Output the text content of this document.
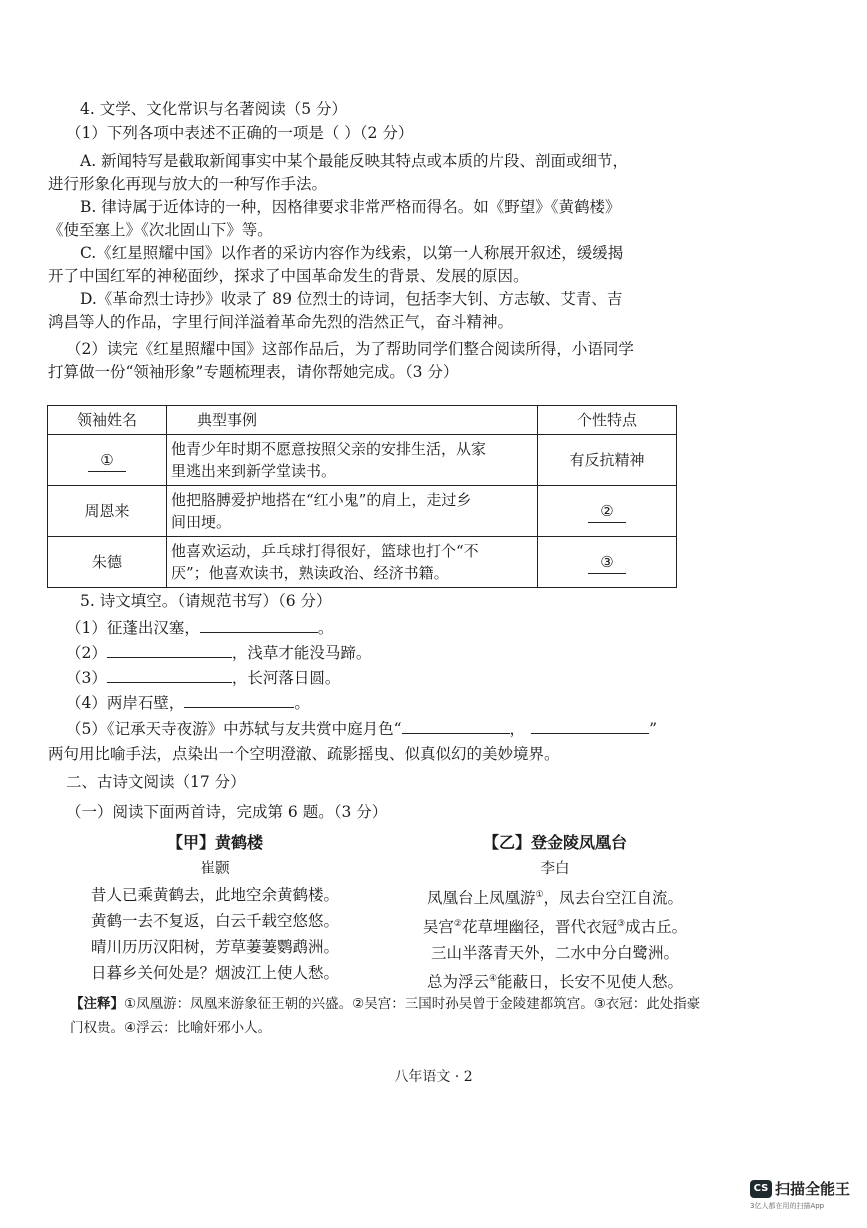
4. 文学、文化常识与名著阅读（5 分）
（1）下列各项中表述不正确的一项是（ ）（2 分）
A. 新闻特写是截取新闻事实中某个最能反映其特点或本质的片段、剖面或细节，
进行形象化再现与放大的一种写作手法。
B. 律诗属于近体诗的一种，因格律要求非常严格而得名。如《野望》《黄鹤楼》
《使至塞上》《次北固山下》等。
C.《红星照耀中国》以作者的采访内容作为线索，以第一人称展开叙述，缓缓揭
开了中国红军的神秘面纱，探求了中国革命发生的背景、发展的原因。
D.《革命烈士诗抄》收录了 89 位烈士的诗词，包括李大钊、方志敏、艾青、吉
鸿昌等人的作品，字里行间洋溢着革命先烈的浩然正气，奋斗精神。
（2）读完《红星照耀中国》这部作品后，为了帮助同学们整合阅读所得，小语同学
打算做一份“领袖形象”专题梳理表，请你帮她完成。（3 分）
领袖姓名	典型事例	个性特点
①	他青少年时期不愿意按照父亲的安排生活，从家
里逃出来到新学堂读书。	有反抗精神
周恩来	他把胳膊爱护地搭在“红小鬼”的肩上，走过乡
间田埂。	②
朱德	他喜欢运动，乒乓球打得很好，篮球也打个“不
厌”；他喜欢读书，熟读政治、经济书籍。	③
5. 诗文填空。（请规范书写）（6 分）
（1）征蓬出汉塞，	。
（2）	，浅草才能没马蹄。
（3）	，长河落日圆。
（4）两岸石壁，	。
（5）《记承天寺夜游》中苏轼与友共赏中庭月色“	，	”
两句用比喻手法，点染出一个空明澄澈、疏影摇曳、似真似幻的美妙境界。
二、古诗文阅读（17 分）
（一）阅读下面两首诗，完成第 6 题。（3 分）
【甲】黄鹤楼
崔颢
昔人已乘黄鹤去，此地空余黄鹤楼。
黄鹤一去不复返，白云千载空悠悠。
晴川历历汉阳树，芳草萋萋鹦鹉洲。
日暮乡关何处是？烟波江上使人愁。
【乙】登金陵凤凰台
李白
凤凰台上凤凰游①，凤去台空江自流。
吴宫②花草埋幽径，晋代衣冠③成古丘。
三山半落青天外，二水中分白鹭洲。
总为浮云④能蔽日，长安不见使人愁。
【注释】①凤凰游：凤凰来游象征王朝的兴盛。②吴宫：三国时孙吴曾于金陵建都筑宫。③衣冠：此处指豪门权贵。④浮云：比喻奸邪小人。
八年语文 · 2
CS 扫描全能王
3亿人都在用的扫描App
